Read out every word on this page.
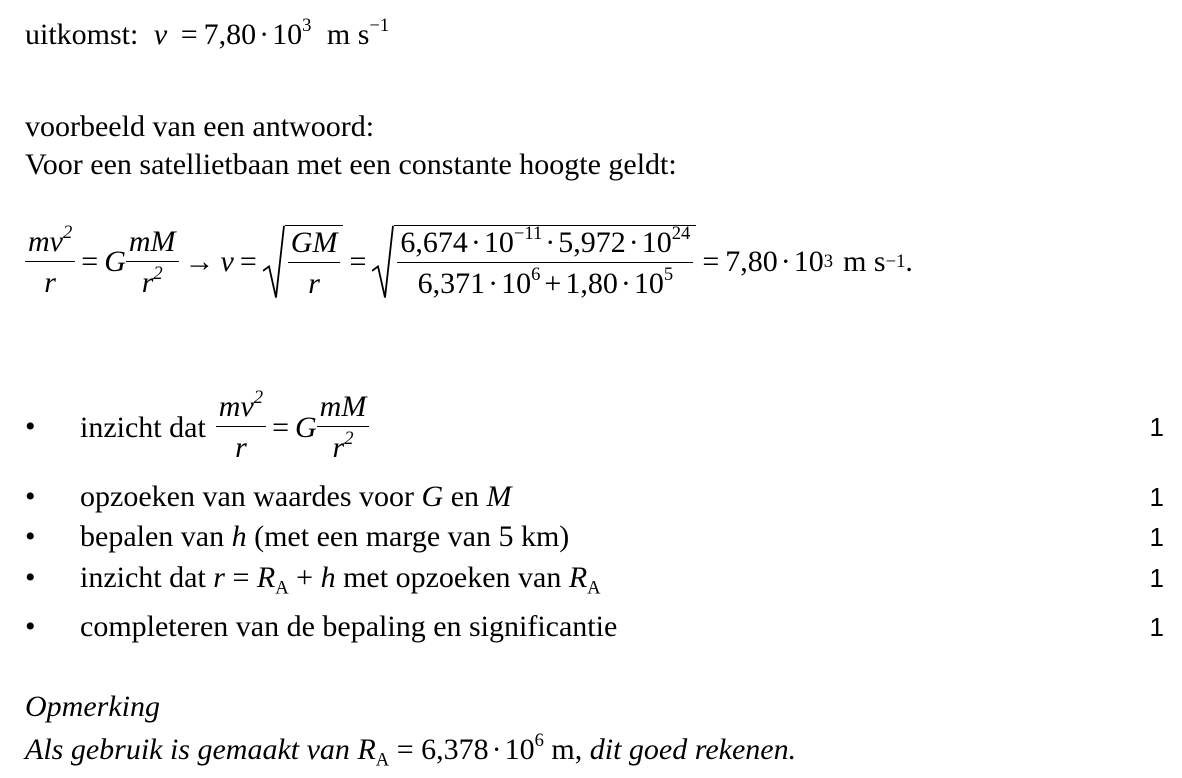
uitkomst: $v = 7,80 \cdot 10^3$ m $s^{-1}$
voorbeeld van een antwoord:
Voor een satellietbaan met een constante hoogte geldt:
$\frac{mv^2}{r} = G \frac{mM}{r^2} \to v = \frac{GM}{r} = \frac{6,674 \cdot 10^{-11} \cdot 5,972 \cdot 10^{24}}{6,371 \cdot 10^6 + 1,80 \cdot 10^5} = 7,80 \cdot 10$ 3 m s −1 .
• inzicht dat $\frac{mv^2}{r} = G \frac{mM}{r^2}$	1
• opzoeken van waardes voor G en M	1
• bepalen van h (met een marge van 5 km)	1
• inzicht dat $r = R_A + h$ met opzoeken van $R_A$	1
• completeren van de bepaling en significantie	1
Opmerking
Als gebruik is gemaakt van $R_A = 6,378 \cdot 10^6$ m, dit goed rekenen.
